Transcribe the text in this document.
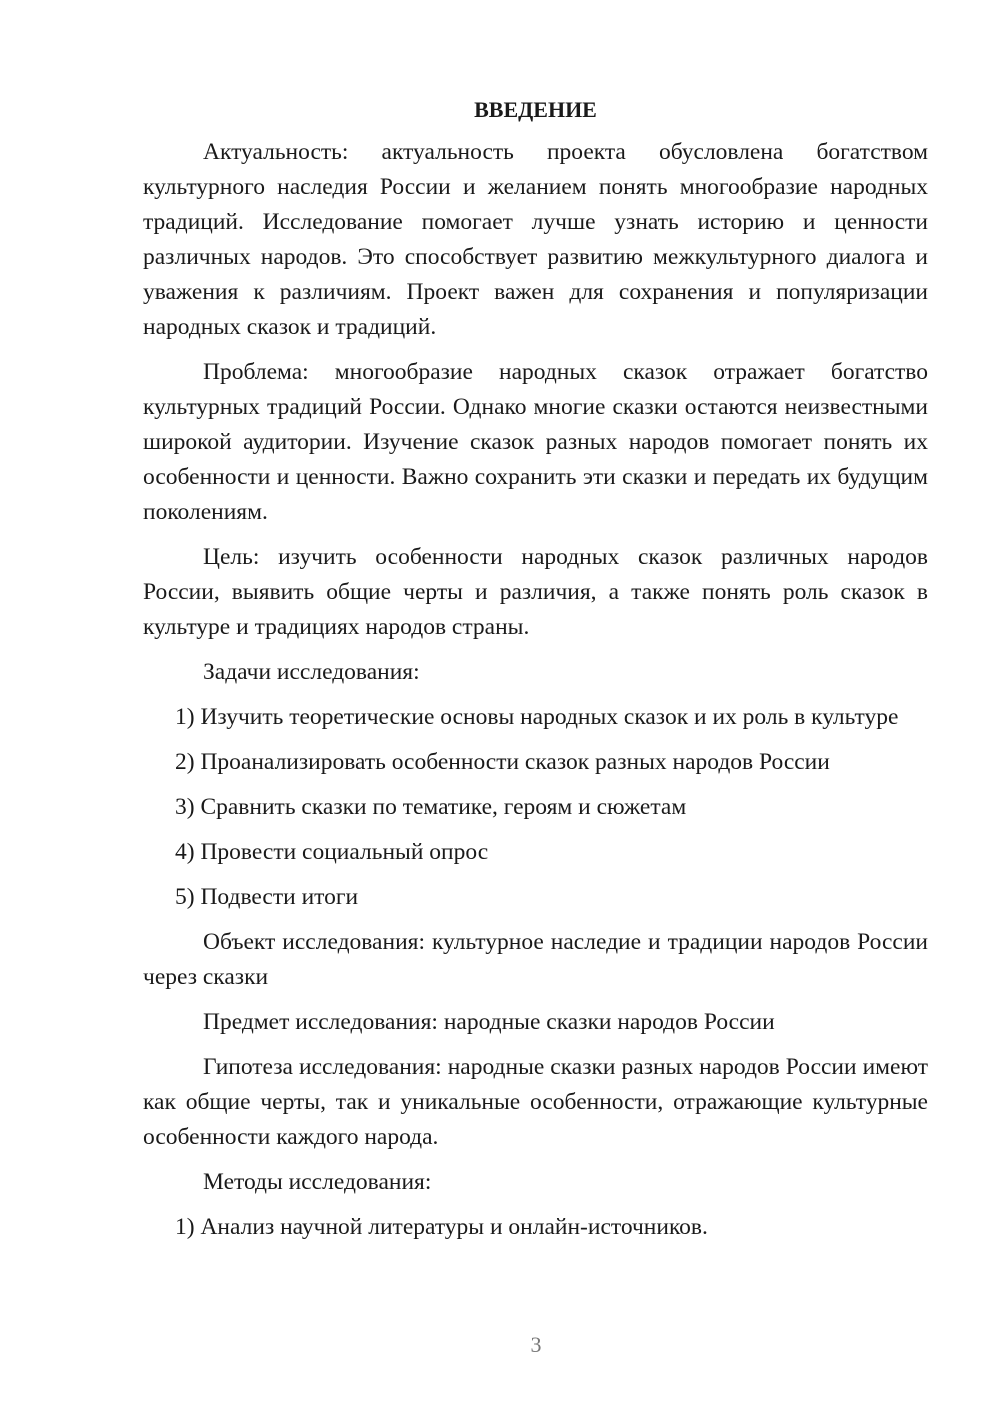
ВВЕДЕНИЕ
Актуальность: актуальность проекта обусловлена богатством культурного наследия России и желанием понять многообразие народных традиций. Исследование помогает лучше узнать историю и ценности различных народов. Это способствует развитию межкультурного диалога и уважения к различиям. Проект важен для сохранения и популяризации народных сказок и традиций.
Проблема: многообразие народных сказок отражает богатство культурных традиций России. Однако многие сказки остаются неизвестными широкой аудитории. Изучение сказок разных народов помогает понять их особенности и ценности. Важно сохранить эти сказки и передать их будущим поколениям.
Цель: изучить особенности народных сказок различных народов России, выявить общие черты и различия, а также понять роль сказок в культуре и традициях народов страны.
Задачи исследования:
1) Изучить теоретические основы народных сказок и их роль в культуре
2) Проанализировать особенности сказок разных народов России
3) Сравнить сказки по тематике, героям и сюжетам
4) Провести социальный опрос
5) Подвести итоги
Объект исследования: культурное наследие и традиции народов России через сказки
Предмет исследования: народные сказки народов России
Гипотеза исследования: народные сказки разных народов России имеют как общие черты, так и уникальные особенности, отражающие культурные особенности каждого народа.
Методы исследования:
1) Анализ научной литературы и онлайн-источников.
3
